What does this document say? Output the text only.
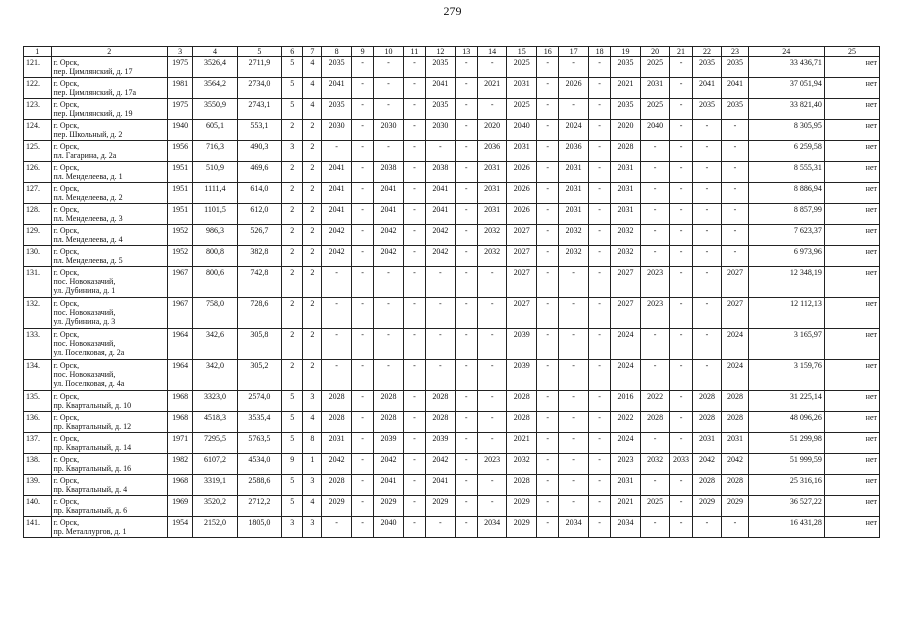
279
1	2	3	4	5	6	7	8	9	10	11	12	13	14	15	16	17	18	19	20	21	22	23	24	25
121.	г. Орск,
пер. Цимлянский, д. 17	1975	3526,4	2711,9	5	4	2035	-	-	-	2035	-	-	2025	-	-	-	2035	2025	-	2035	2035	33 436,71	нет
122.	г. Орск,
пер. Цимлянский, д. 17а	1981	3564,2	2734,0	5	4	2041	-	-	-	2041	-	2021	2031	-	2026	-	2021	2031	-	2041	2041	37 051,94	нет
123.	г. Орск,
пер. Цимлянский, д. 19	1975	3550,9	2743,1	5	4	2035	-	-	-	2035	-	-	2025	-	-	-	2035	2025	-	2035	2035	33 821,40	нет
124.	г. Орск,
пер. Школьный, д. 2	1940	605,1	553,1	2	2	2030	-	2030	-	2030	-	2020	2040	-	2024	-	2020	2040	-	-	-	8 305,95	нет
125.	г. Орск,
пл. Гагарина, д. 2а	1956	716,3	490,3	3	2	-	-	-	-	-	-	2036	2031	-	2036	-	2028	-	-	-	-	6 259,58	нет
126.	г. Орск,
пл. Менделеева, д. 1	1951	510,9	469,6	2	2	2041	-	2038	-	2038	-	2031	2026	-	2031	-	2031	-	-	-	-	8 555,31	нет
127.	г. Орск,
пл. Менделеева, д. 2	1951	1111,4	614,0	2	2	2041	-	2041	-	2041	-	2031	2026	-	2031	-	2031	-	-	-	-	8 886,94	нет
128.	г. Орск,
пл. Менделеева, д. 3	1951	1101,5	612,0	2	2	2041	-	2041	-	2041	-	2031	2026	-	2031	-	2031	-	-	-	-	8 857,99	нет
129.	г. Орск,
пл. Менделеева, д. 4	1952	986,3	526,7	2	2	2042	-	2042	-	2042	-	2032	2027	-	2032	-	2032	-	-	-	-	7 623,37	нет
130.	г. Орск,
пл. Менделеева, д. 5	1952	800,8	382,8	2	2	2042	-	2042	-	2042	-	2032	2027	-	2032	-	2032	-	-	-	-	6 973,96	нет
131.	г. Орск,
пос. Новоказачий,
ул. Дубинина, д. 1	1967	800,6	742,8	2	2	-	-	-	-	-	-	-	2027	-	-	-	2027	2023	-	-	2027	12 348,19	нет
132.	г. Орск,
пос. Новоказачий,
ул. Дубинина, д. 3	1967	758,0	728,6	2	2	-	-	-	-	-	-	-	2027	-	-	-	2027	2023	-	-	2027	12 112,13	нет
133.	г. Орск,
пос. Новоказачий,
ул. Поселковая, д. 2а	1964	342,6	305,8	2	2	-	-	-	-	-	-	-	2039	-	-	-	2024	-	-	-	2024	3 165,97	нет
134.	г. Орск,
пос. Новоказачий,
ул. Поселковая, д. 4а	1964	342,0	305,2	2	2	-	-	-	-	-	-	-	2039	-	-	-	2024	-	-	-	2024	3 159,76	нет
135.	г. Орск,
пр. Квартальный, д. 10	1968	3323,0	2574,0	5	3	2028	-	2028	-	2028	-	-	2028	-	-	-	2016	2022	-	2028	2028	31 225,14	нет
136.	г. Орск,
пр. Квартальный, д. 12	1968	4518,3	3535,4	5	4	2028	-	2028	-	2028	-	-	2028	-	-	-	2022	2028	-	2028	2028	48 096,26	нет
137.	г. Орск,
пр. Квартальный, д. 14	1971	7295,5	5763,5	5	8	2031	-	2039	-	2039	-	-	2021	-	-	-	2024	-	-	2031	2031	51 299,98	нет
138.	г. Орск,
пр. Квартальный, д. 16	1982	6107,2	4534,0	9	1	2042	-	2042	-	2042	-	2023	2032	-	-	-	2023	2032	2033	2042	2042	51 999,59	нет
139.	г. Орск,
пр. Квартальный, д. 4	1968	3319,1	2588,6	5	3	2028	-	2041	-	2041	-	-	2028	-	-	-	2031	-	-	2028	2028	25 316,16	нет
140.	г. Орск,
пр. Квартальный, д. 6	1969	3520,2	2712,2	5	4	2029	-	2029	-	2029	-	-	2029	-	-	-	2021	2025	-	2029	2029	36 527,22	нет
141.	г. Орск,
пр. Металлургов, д. 1	1954	2152,0	1805,0	3	3	-	-	2040	-	-	-	2034	2029	-	2034	-	2034	-	-	-	-	16 431,28	нет
